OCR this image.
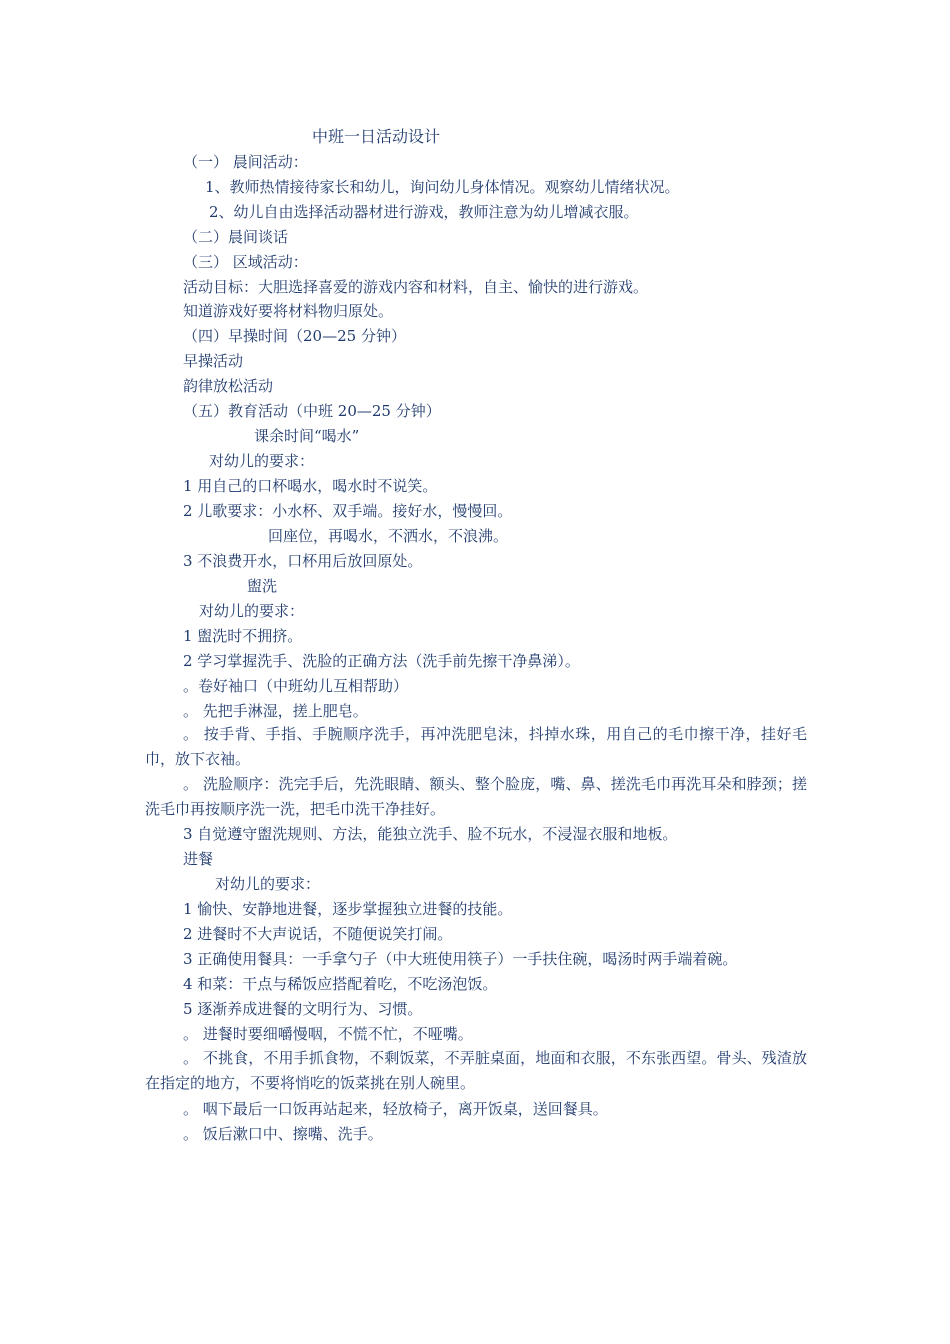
中班一日活动设计
（一） 晨间活动：
1、教师热情接待家长和幼儿，询问幼儿身体情况。观察幼儿情绪状况。
2、幼儿自由选择活动器材进行游戏，教师注意为幼儿增减衣服。
（二）晨间谈话
（三） 区域活动：
活动目标：大胆选择喜爱的游戏内容和材料，自主、愉快的进行游戏。
知道游戏好要将材料物归原处。
（四）早操时间（20—25 分钟）
早操活动
韵律放松活动
（五）教育活动（中班 20—25 分钟）
课余时间“喝水”
对幼儿的要求：
1 用自己的口杯喝水，喝水时不说笑。
2 儿歌要求：小水杯、双手端。接好水，慢慢回。
回座位，再喝水，不洒水，不浪沸。
3 不浪费开水，口杯用后放回原处。
盥洗
对幼儿的要求：
1 盥洗时不拥挤。
2 学习掌握洗手、洗脸的正确方法（洗手前先擦干净鼻涕）。
。卷好袖口（中班幼儿互相帮助）
。 先把手淋湿，搓上肥皂。
。 按手背、手指、手腕顺序洗手，再冲洗肥皂沫，抖掉水珠，用自己的毛巾擦干净，挂好毛巾，放下衣袖。
。 洗脸顺序：洗完手后，先洗眼睛、额头、整个脸庞，嘴、鼻、搓洗毛巾再洗耳朵和脖颈；搓洗毛巾再按顺序洗一洗，把毛巾洗干净挂好。
3 自觉遵守盥洗规则、方法，能独立洗手、脸不玩水，不浸湿衣服和地板。
进餐
对幼儿的要求：
1 愉快、安静地进餐，逐步掌握独立进餐的技能。
2 进餐时不大声说话，不随便说笑打闹。
3 正确使用餐具：一手拿勺子（中大班使用筷子）一手扶住碗，喝汤时两手端着碗。
4 和菜：干点与稀饭应搭配着吃，不吃汤泡饭。
5 逐渐养成进餐的文明行为、习惯。
。 进餐时要细嚼慢咽，不慌不忙，不哑嘴。
。 不挑食，不用手抓食物，不剩饭菜，不弄脏桌面，地面和衣服，不东张西望。骨头、残渣放在指定的地方，不要将悄吃的饭菜挑在别人碗里。
。 咽下最后一口饭再站起来，轻放椅子，离开饭桌，送回餐具。
。 饭后漱口中、擦嘴、洗手。
